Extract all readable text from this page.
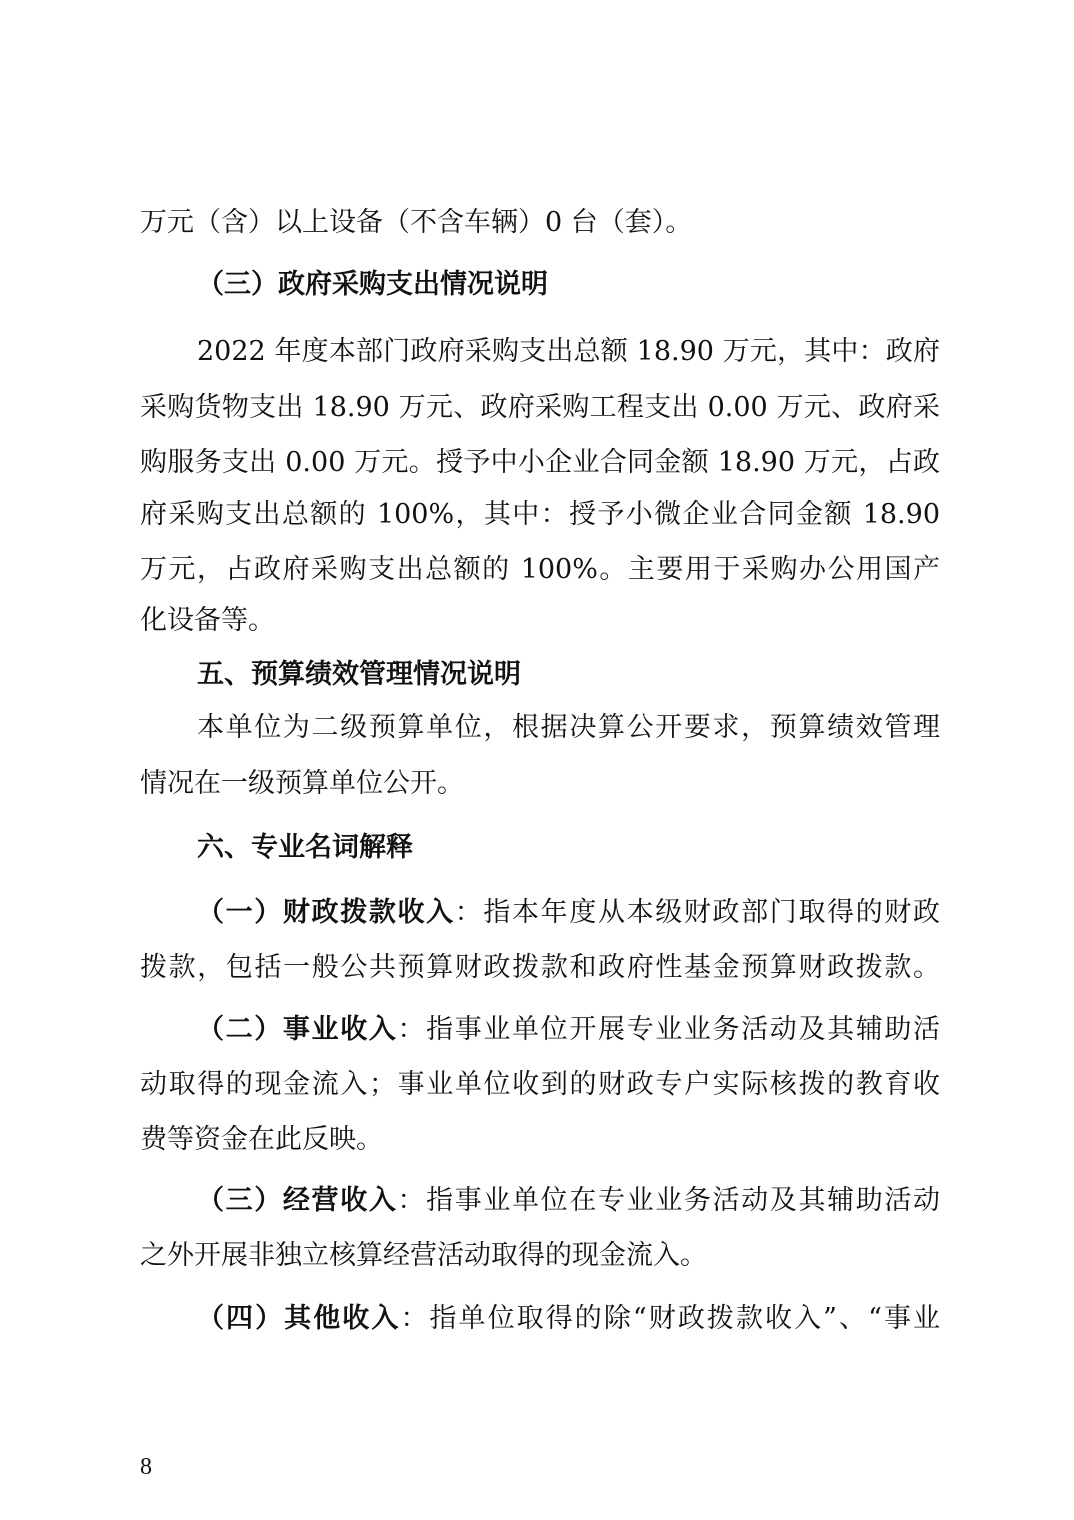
万元（含）以上设备（不含车辆）0 台（套）。
（三）政府采购支出情况说明
2022 年度本部门政府采购支出总额 18.90 万元，其中：政府
采购货物支出 18.90 万元、政府采购工程支出 0.00 万元、政府采
购服务支出 0.00 万元。授予中小企业合同金额 18.90 万元，占政
府采购支出总额的 100%，其中：授予小微企业合同金额 18.90
万元，占政府采购支出总额的 100%。主要用于采购办公用国产
化设备等。
五、预算绩效管理情况说明
本单位为二级预算单位，根据决算公开要求，预算绩效管理
情况在一级预算单位公开。
六、专业名词解释
（一）财政拨款收入：指本年度从本级财政部门取得的财政
拨款，包括一般公共预算财政拨款和政府性基金预算财政拨款。
（二）事业收入：指事业单位开展专业业务活动及其辅助活
动取得的现金流入；事业单位收到的财政专户实际核拨的教育收
费等资金在此反映。
（三）经营收入：指事业单位在专业业务活动及其辅助活动
之外开展非独立核算经营活动取得的现金流入。
（四）其他收入：指单位取得的除“财政拨款收入”、“事业
8
